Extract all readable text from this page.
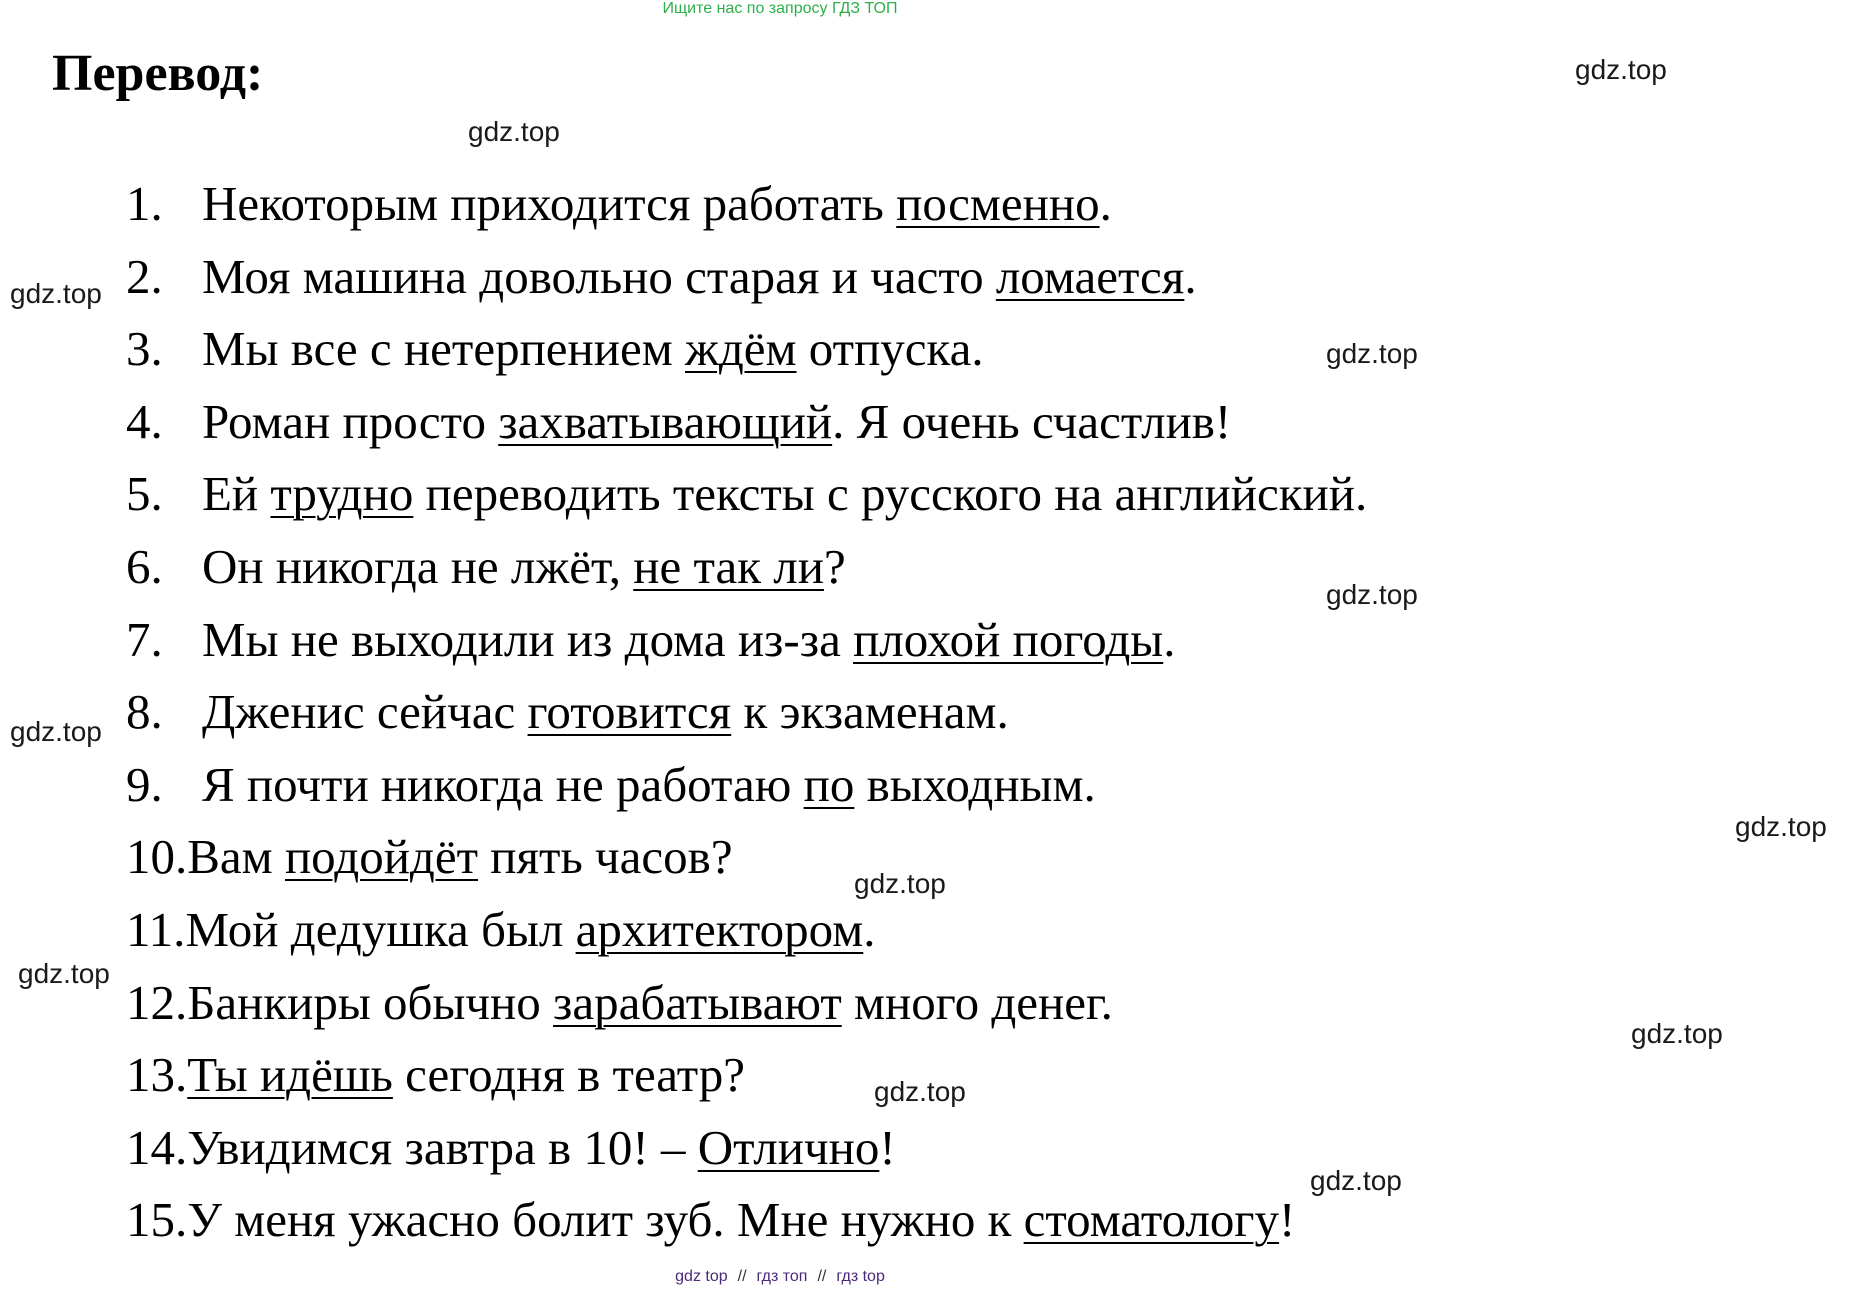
Ищите нас по запросу ГДЗ ТОП
Перевод:
1. Некоторым приходится работать посменно.
2. Моя машина довольно старая и часто ломается.
3. Мы все с нетерпением ждём отпуска.
4. Роман просто захватывающий. Я очень счастлив!
5. Ей трудно переводить тексты с русского на английский.
6. Он никогда не лжёт, не так ли?
7. Мы не выходили из дома из-за плохой погоды.
8. Дженис сейчас готовится к экзаменам.
9. Я почти никогда не работаю по выходным.
10.Вам подойдёт пять часов?
11.Мой дедушка был архитектором.
12.Банкиры обычно зарабатывают много денег.
13.Ты идёшь сегодня в театр?
14.Увидимся завтра в 10! – Отлично!
15.У меня ужасно болит зуб. Мне нужно к стоматологу!
gdz.top
gdz.top
gdz.top
gdz.top
gdz.top
gdz.top
gdz.top
gdz.top
gdz.top
gdz.top
gdz.top
gdz.top
gdz top // гдз топ // гдз top
